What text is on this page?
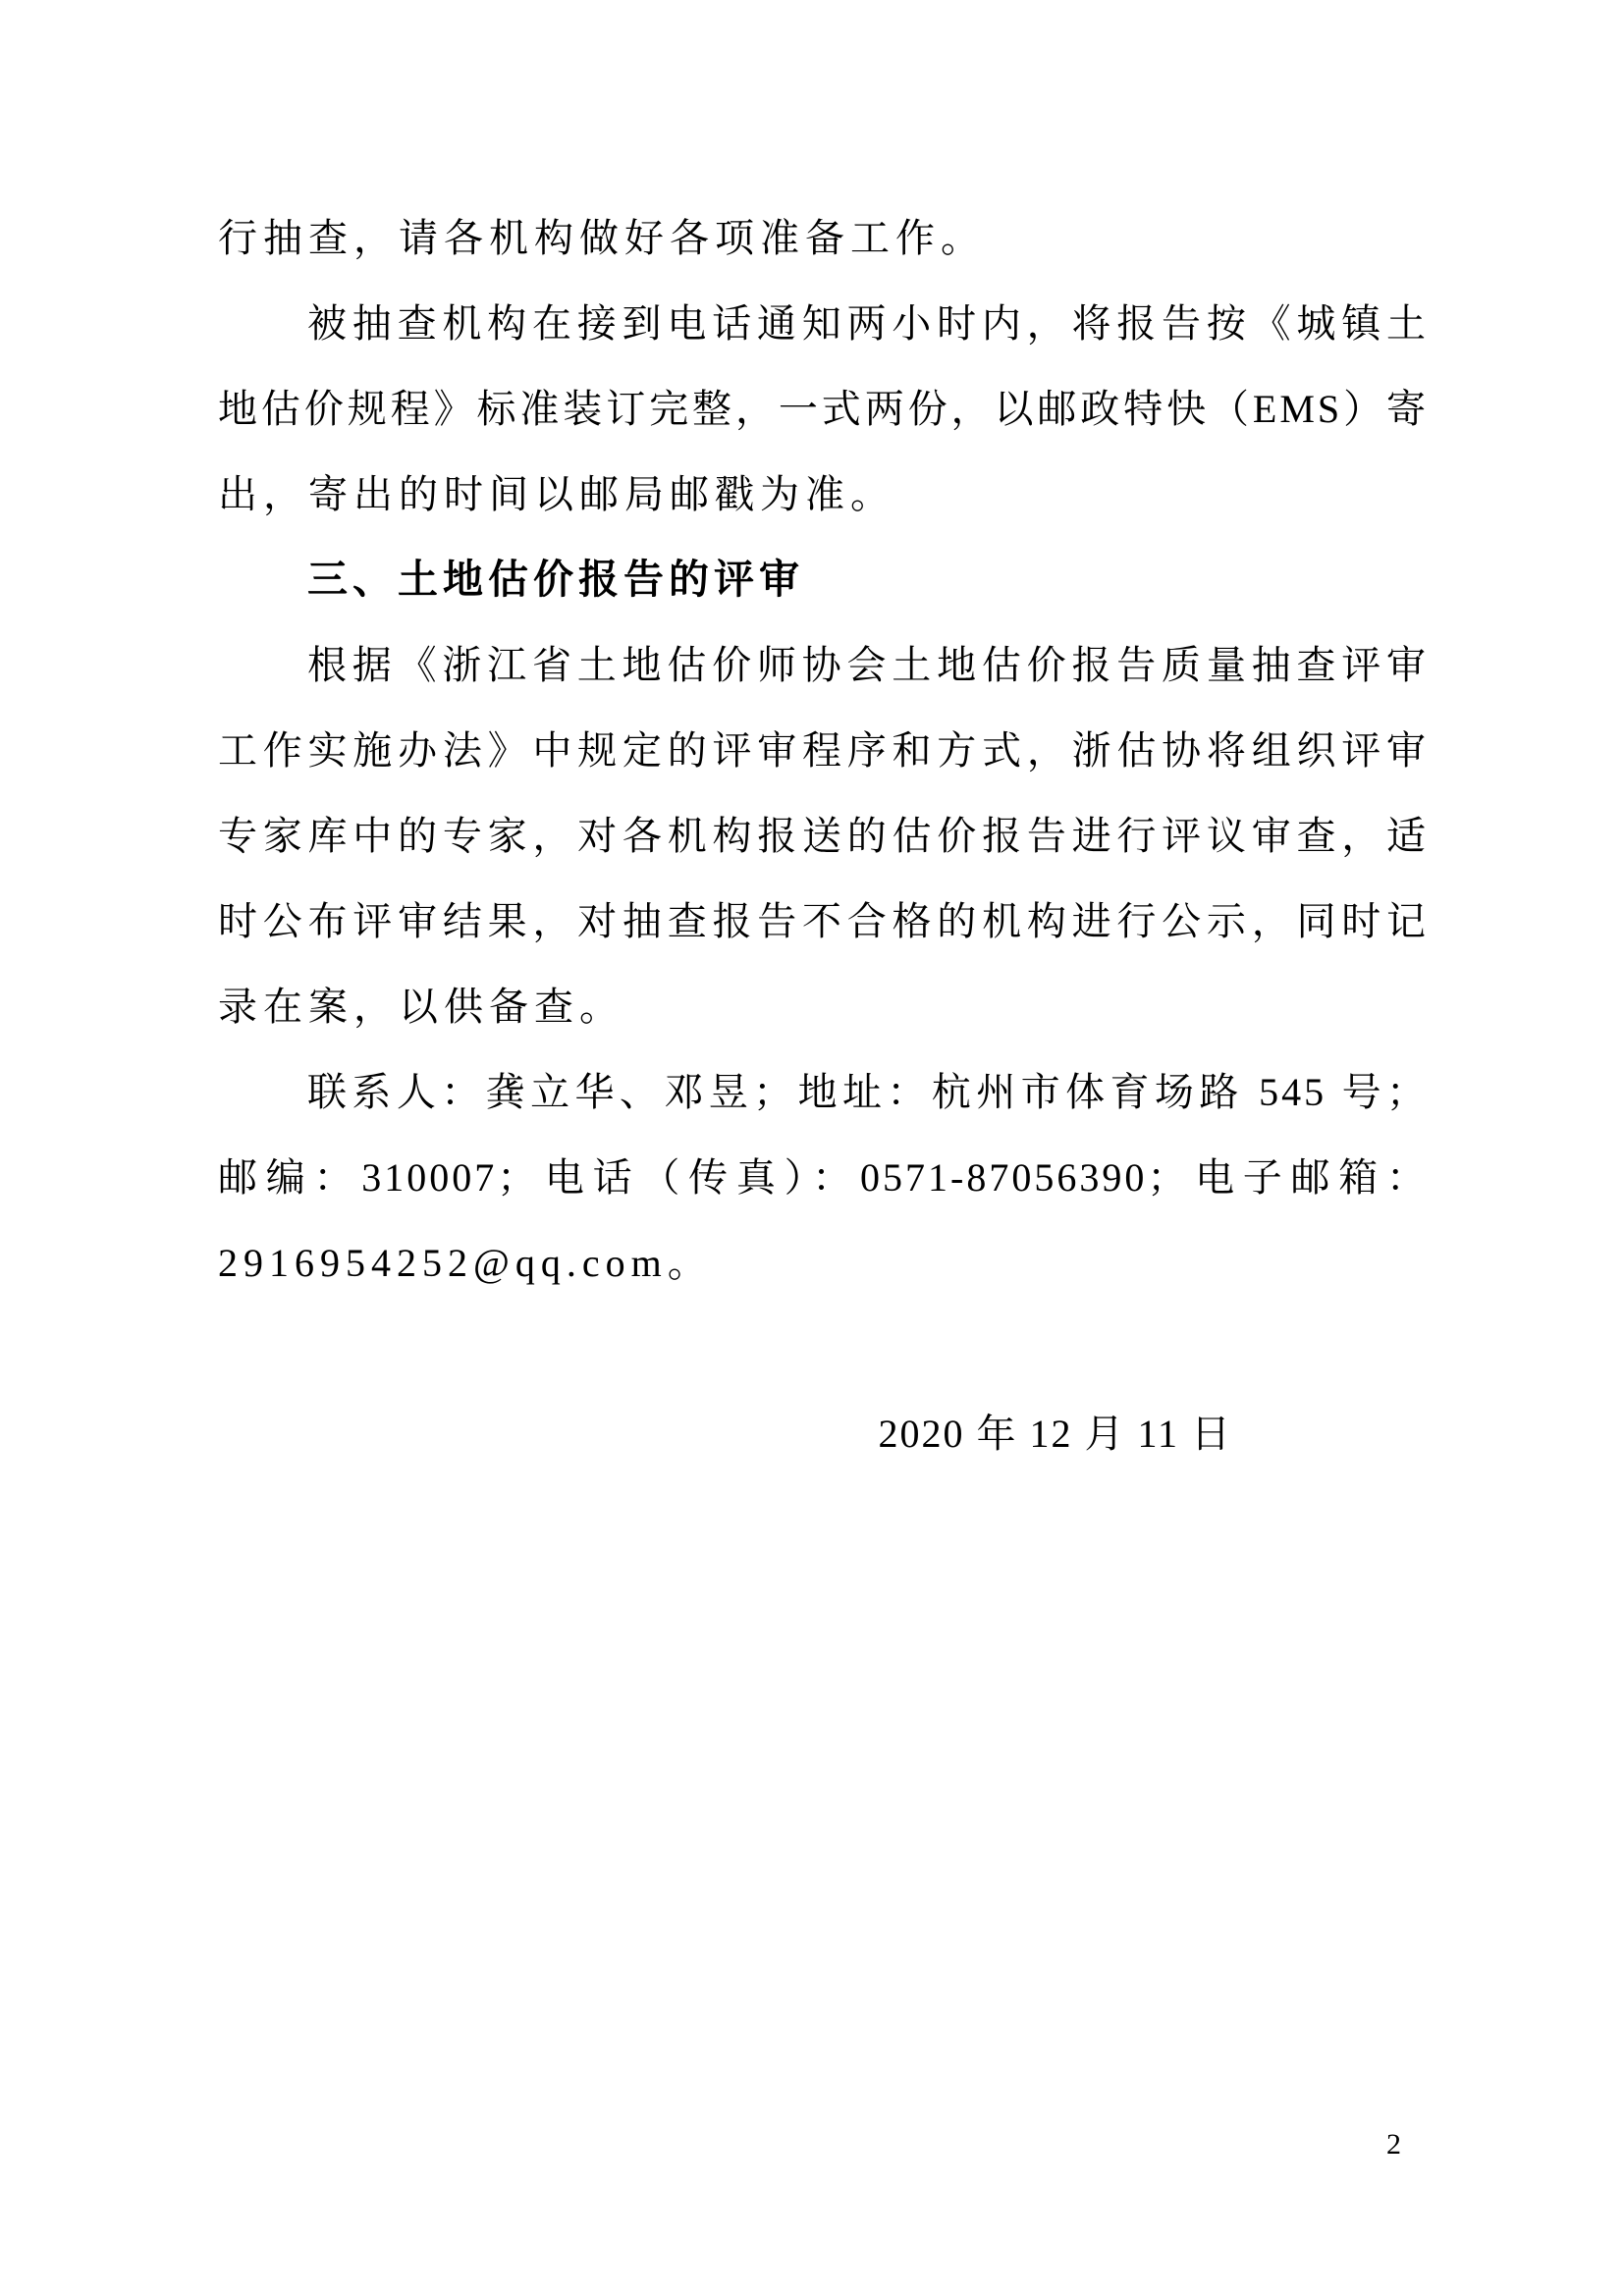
行抽查，请各机构做好各项准备工作。
被抽查机构在接到电话通知两小时内，将报告按《城镇土
地估价规程》标准装订完整，一式两份，以邮政特快（EMS）寄
出，寄出的时间以邮局邮戳为准。
三、土地估价报告的评审
根据《浙江省土地估价师协会土地估价报告质量抽查评审
工作实施办法》中规定的评审程序和方式，浙估协将组织评审
专家库中的专家，对各机构报送的估价报告进行评议审查，适
时公布评审结果，对抽查报告不合格的机构进行公示，同时记
录在案，以供备查。
联系人：龚立华、邓昱；地址：杭州市体育场路 545 号；
邮编：310007；电话（传真）：0571-87056390；电子邮箱：
2916954252@qq.com。
2020 年 12 月 11 日
2
